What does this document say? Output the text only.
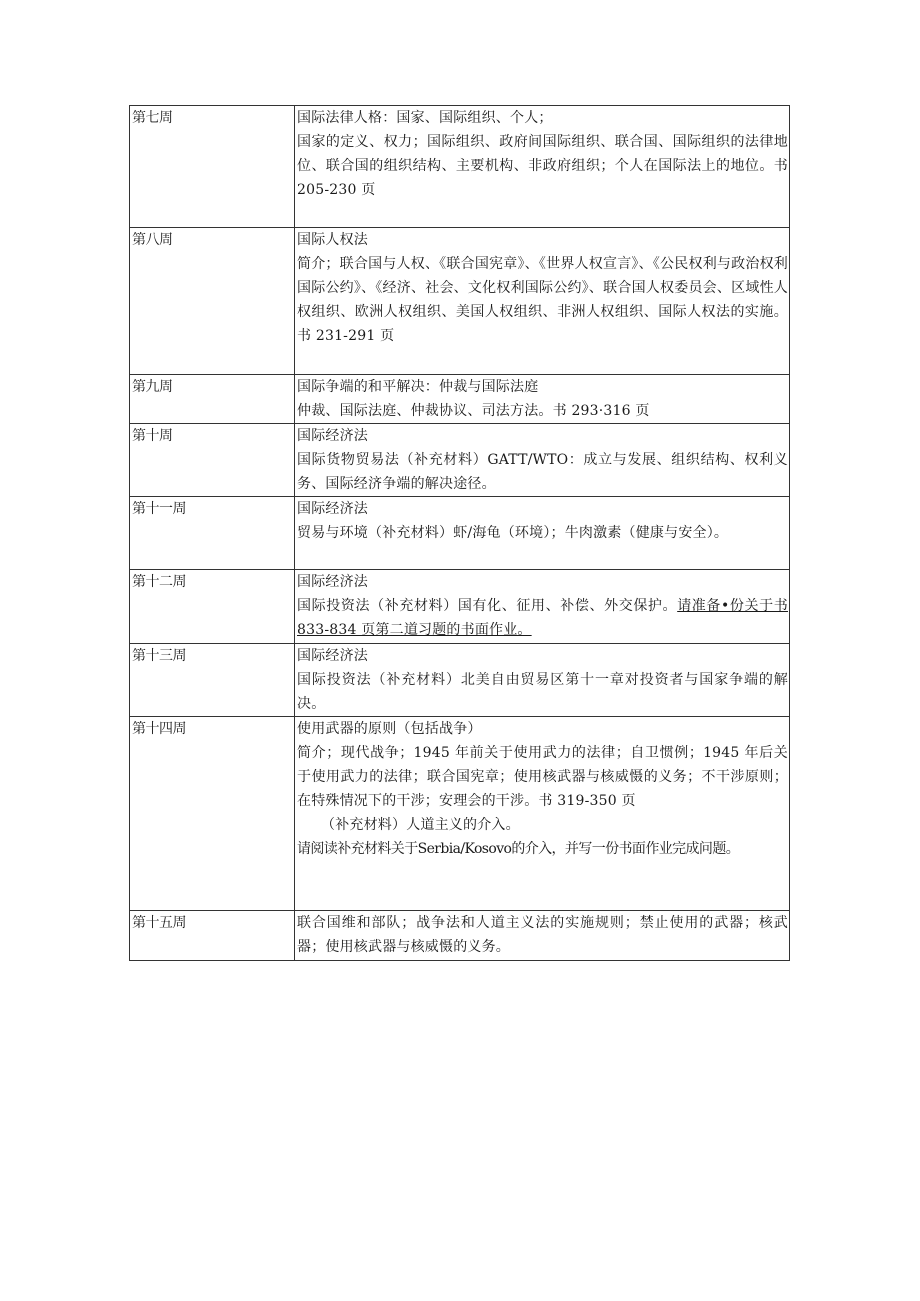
第七周	国际法律人格：国家、国际组织、个人；
国家的定义、权力；国际组织、政府间国际组织、联合国、国际组织的法律地位、联合国的组织结构、主要机构、非政府组织；个人在国际法上的地位。书 205-230 页

第八周	国际人权法
简介；联合国与人权、《联合国宪章》、《世界人权宣言》、《公民权利与政治权利国际公约》、《经济、社会、文化权利国际公约》、联合国人权委员会、区域性人权组织、欧洲人权组织、美国人权组织、非洲人权组织、国际人权法的实施。书 231-291 页

第九周	国际争端的和平解决：仲裁与国际法庭
仲裁、国际法庭、仲裁协议、司法方法。书 293·316 页

第十周	国际经济法
国际货物贸易法（补充材料）GATT/WTO：成立与发展、组织结构、权利义务、国际经济争端的解决途径。

第十一周	国际经济法
贸易与环境（补充材料）虾/海龟（环境）；牛肉激素（健康与安全）。

第十二周	国际经济法
国际投资法（补充材料）国有化、征用、补偿、外交保护。请准备•份关于书 833-834 页第二道习题的书面作业。

第十三周	国际经济法
国际投资法（补充材料）北美自由贸易区第十一章对投资者与国家争端的解决。

第十四周	使用武器的原则（包括战争）
简介；现代战争；1945 年前关于使用武力的法律；自卫惯例；1945 年后关于使用武力的法律；联合国宪章；使用核武器与核威慑的义务；不干涉原则；在特殊情况下的干涉；安理会的干涉。书 319-350 页
（补充材料）人道主义的介入。
请阅读补充材料关于Serbia/Kosovo的介入，并写一份书面作业完成问题。

第十五周	联合国维和部队；战争法和人道主义法的实施规则；禁止使用的武器；核武器；使用核武器与核威慑的义务。
